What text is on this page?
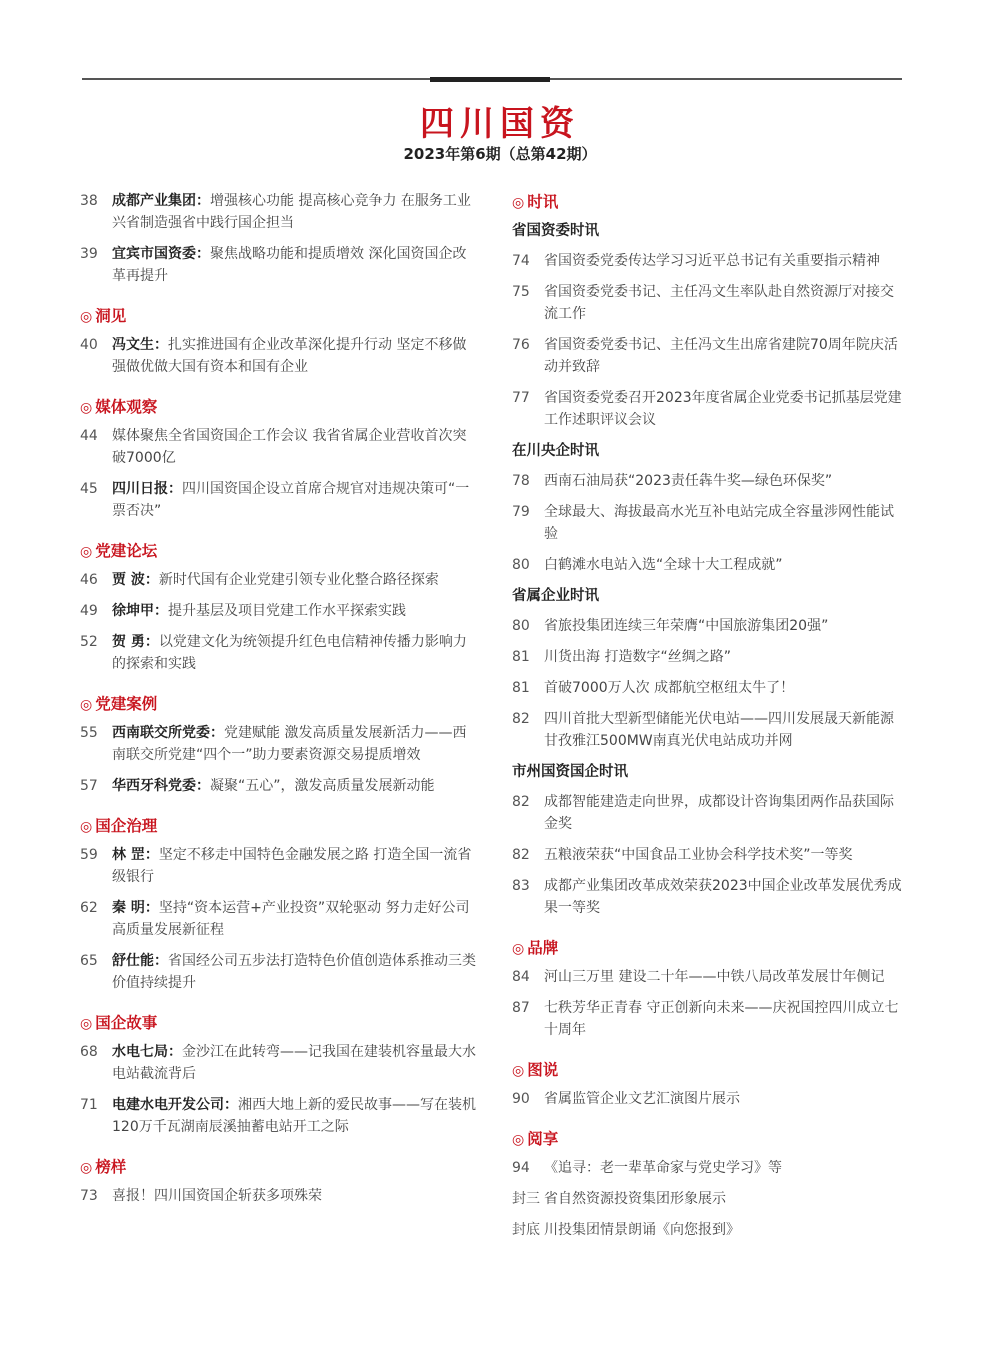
四川国资
2023年第6期（总第42期）
38	成都产业集团：增强核心功能 提高核心竞争力 在服务工业兴省制造强省中践行国企担当
39	宜宾市国资委：聚焦战略功能和提质增效 深化国资国企改革再提升
◎ 洞见
40	冯文生：扎实推进国有企业改革深化提升行动 坚定不移做强做优做大国有资本和国有企业
◎ 媒体观察
44	媒体聚焦全省国资国企工作会议 我省省属企业营收首次突破7000亿
45	四川日报：四川国资国企设立首席合规官对违规决策可“一票否决”
◎ 党建论坛
46	贾 波：新时代国有企业党建引领专业化整合路径探索
49	徐坤甲：提升基层及项目党建工作水平探索实践
52	贺 勇：以党建文化为统领提升红色电信精神传播力影响力的探索和实践
◎ 党建案例
55	西南联交所党委：党建赋能 激发高质量发展新活力——西南联交所党建“四个一”助力要素资源交易提质增效
57	华西牙科党委：凝聚“五心”，激发高质量发展新动能
◎ 国企治理
59	林 罡：坚定不移走中国特色金融发展之路 打造全国一流省级银行
62	秦 明：坚持“资本运营+产业投资”双轮驱动 努力走好公司高质量发展新征程
65	舒仕能：省国经公司五步法打造特色价值创造体系推动三类价值持续提升
◎ 国企故事
68	水电七局：金沙江在此转弯——记我国在建装机容量最大水电站截流背后
71	电建水电开发公司：湘西大地上新的爱民故事——写在装机120万千瓦湖南辰溪抽蓄电站开工之际
◎ 榜样
73	喜报！四川国资国企斩获多项殊荣
◎ 时讯
省国资委时讯
74	省国资委党委传达学习习近平总书记有关重要指示精神
75	省国资委党委书记、主任冯文生率队赴自然资源厅对接交流工作
76	省国资委党委书记、主任冯文生出席省建院70周年院庆活动并致辞
77	省国资委党委召开2023年度省属企业党委书记抓基层党建工作述职评议会议
在川央企时讯
78	西南石油局获“2023责任犇牛奖—绿色环保奖”
79	全球最大、海拔最高水光互补电站完成全容量涉网性能试验
80	白鹤滩水电站入选“全球十大工程成就”
省属企业时讯
80	省旅投集团连续三年荣膺“中国旅游集团20强”
81	川货出海 打造数字“丝绸之路”
81	首破7000万人次 成都航空枢纽太牛了！
82	四川首批大型新型储能光伏电站——四川发展晟天新能源甘孜雅江500MW南真光伏电站成功并网
市州国资国企时讯
82	成都智能建造走向世界，成都设计咨询集团两作品获国际金奖
82	五粮液荣获“中国食品工业协会科学技术奖”一等奖
83	成都产业集团改革成效荣获2023中国企业改革发展优秀成果一等奖
◎ 品牌
84	河山三万里 建设二十年——中铁八局改革发展廿年侧记
87	七秩芳华正青春 守正创新向未来——庆祝国控四川成立七十周年
◎ 图说
90	省属监管企业文艺汇演图片展示
◎ 阅享
94	《追寻：老一辈革命家与党史学习》等
封三 省自然资源投资集团形象展示
封底 川投集团情景朗诵《向您报到》
